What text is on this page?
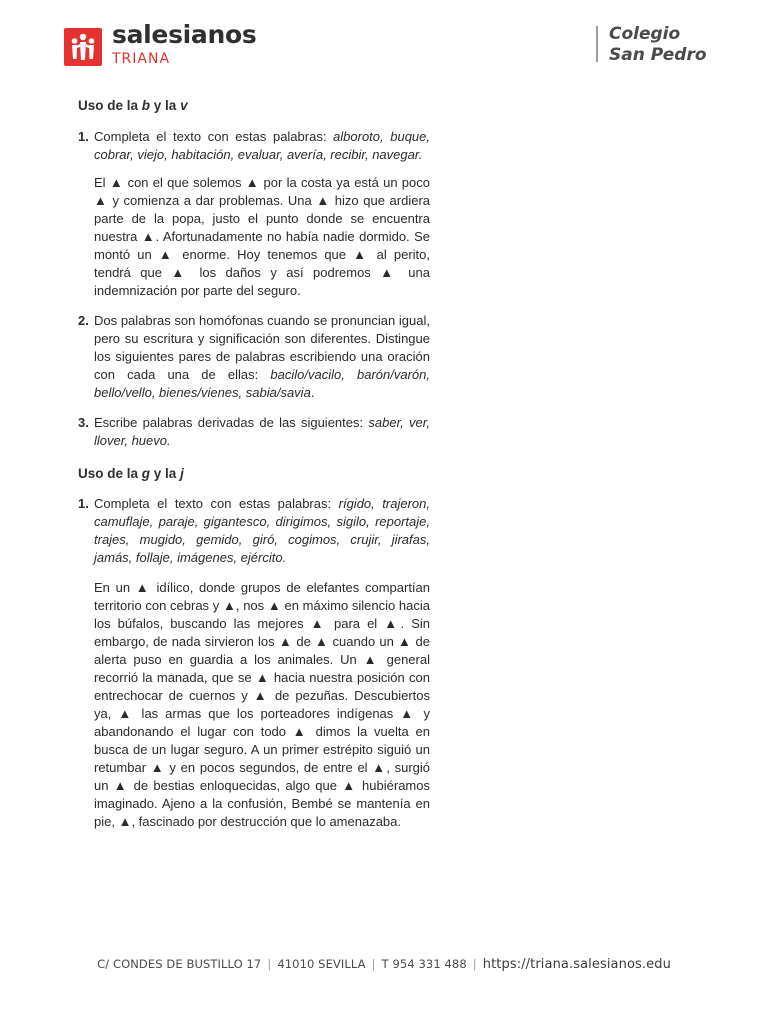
salesianos
TRIANA
Colegio
San Pedro
Uso de la b y la v
1. Completa el texto con estas palabras: alboroto, buque, cobrar, viejo, habitación, evaluar, avería, recibir, navegar.
El ▲ con el que solemos ▲ por la costa ya está un poco ▲ y comienza a dar problemas. Una ▲ hizo que ardiera parte de la popa, justo el punto donde se encuentra nuestra ▲. Afortunadamente no había nadie dormido. Se montó un ▲ enorme. Hoy tenemos que ▲ al perito, tendrá que ▲ los daños y así podremos ▲ una indemnización por parte del seguro.
2. Dos palabras son homófonas cuando se pronuncian igual, pero su escritura y significación son diferentes. Distingue los siguientes pares de palabras escribiendo una oración con cada una de ellas: bacilo/vacilo, barón/varón, bello/vello, bienes/vienes, sabia/savia.
3. Escribe palabras derivadas de las siguientes: saber, ver, llover, huevo.
Uso de la g y la j
1. Completa el texto con estas palabras: rígido, trajeron, camuflaje, paraje, gigantesco, dirigimos, sigilo, reportaje, trajes, mugido, gemido, giró, cogimos, crujir, jirafas, jamás, follaje, imágenes, ejército.
En un ▲ idílico, donde grupos de elefantes compartían territorio con cebras y ▲, nos ▲ en máximo silencio hacia los búfalos, buscando las mejores ▲ para el ▲. Sin embargo, de nada sirvieron los ▲ de ▲ cuando un ▲ de alerta puso en guardia a los animales. Un ▲ general recorrió la manada, que se ▲ hacia nuestra posición con entrechocar de cuernos y ▲ de pezuñas. Descubiertos ya, ▲ las armas que los porteadores indígenas ▲ y abandonando el lugar con todo ▲ dimos la vuelta en busca de un lugar seguro. A un primer estrépito siguió un retumbar ▲ y en pocos segundos, de entre el ▲, surgió un ▲ de bestias enloquecidas, algo que ▲ hubiéramos imaginado. Ajeno a la confusión, Bembé se mantenía en pie, ▲, fascinado por destrucción que lo amenazaba.
C/ CONDES DE BUSTILLO 17 | 41010 SEVILLA | T 954 331 488 | https://triana.salesianos.edu
